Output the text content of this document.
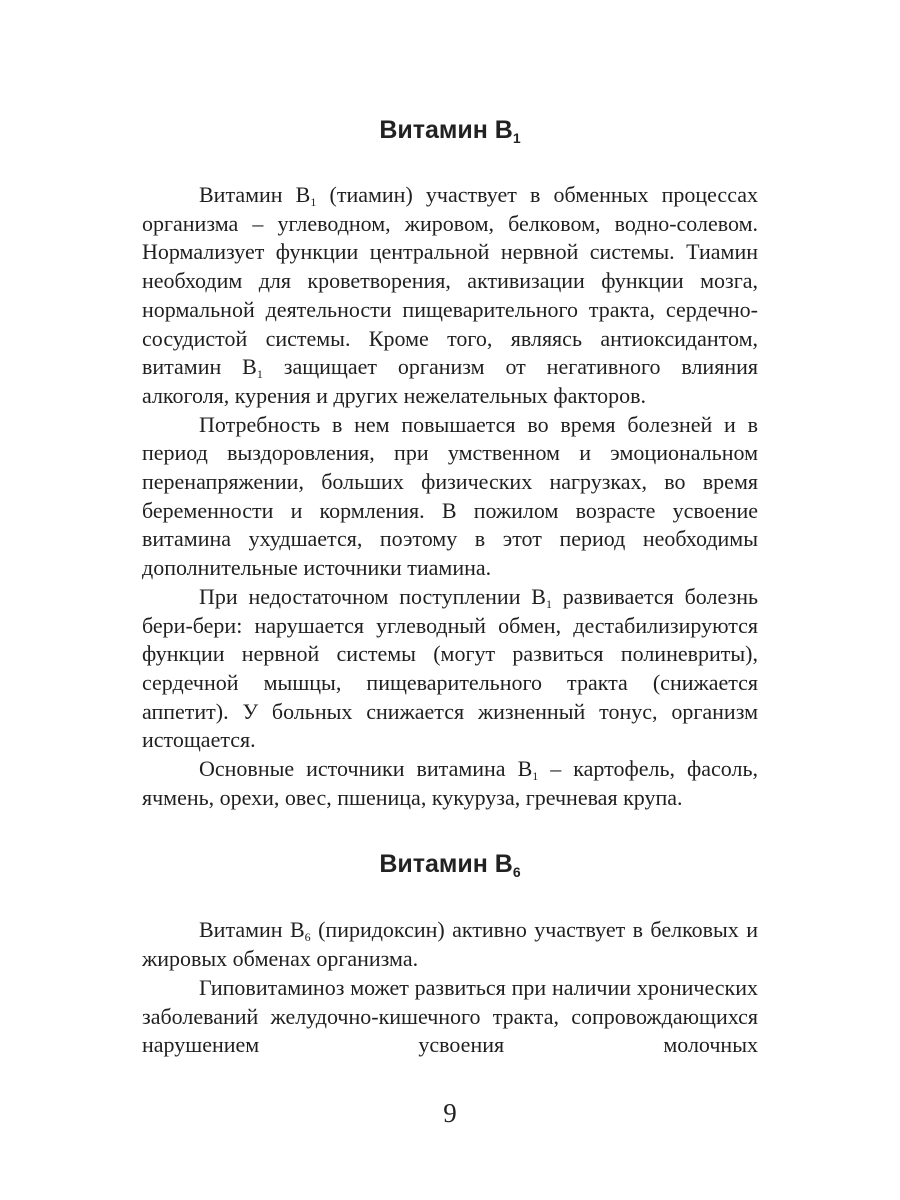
Витамин $B_1$

Витамин $B_1$ (тиамин) участвует в обменных процессах организма – углеводном, жировом, белковом, водно-солевом. Нормализует функции центральной нервной системы. Тиамин необходим для кроветворения, активизации функции мозга, нормальной деятельности пищеварительного тракта, сердечно-сосудистой системы. Кроме того, являясь антиоксидантом, витамин $B_1$ защищает организм от негативного влияния алкоголя, курения и других нежелательных факторов.

Потребность в нем повышается во время болезней и в период выздоровления, при умственном и эмоциональном перенапряжении, больших физических нагрузках, во время беременности и кормления. В пожилом возрасте усвоение витамина ухудшается, поэтому в этот период необходимы дополнительные источники тиамина.

При недостаточном поступлении $B_1$ развивается болезнь бери-бери: нарушается углеводный обмен, дестабилизируются функции нервной системы (могут развиться полиневриты), сердечной мышцы, пищеварительного тракта (снижается аппетит). У больных снижается жизненный тонус, организм истощается.

Основные источники витамина $B_1$ – картофель, фасоль, ячмень, орехи, овес, пшеница, кукуруза, гречневая крупа.

Витамин $B_6$

Витамин $B_6$ (пиридоксин) активно участвует в белковых и жировых обменах организма.

Гиповитаминоз может развиться при наличии хронических заболеваний желудочно-кишечного тракта, сопровождающихся нарушением усвоения молочных

9
